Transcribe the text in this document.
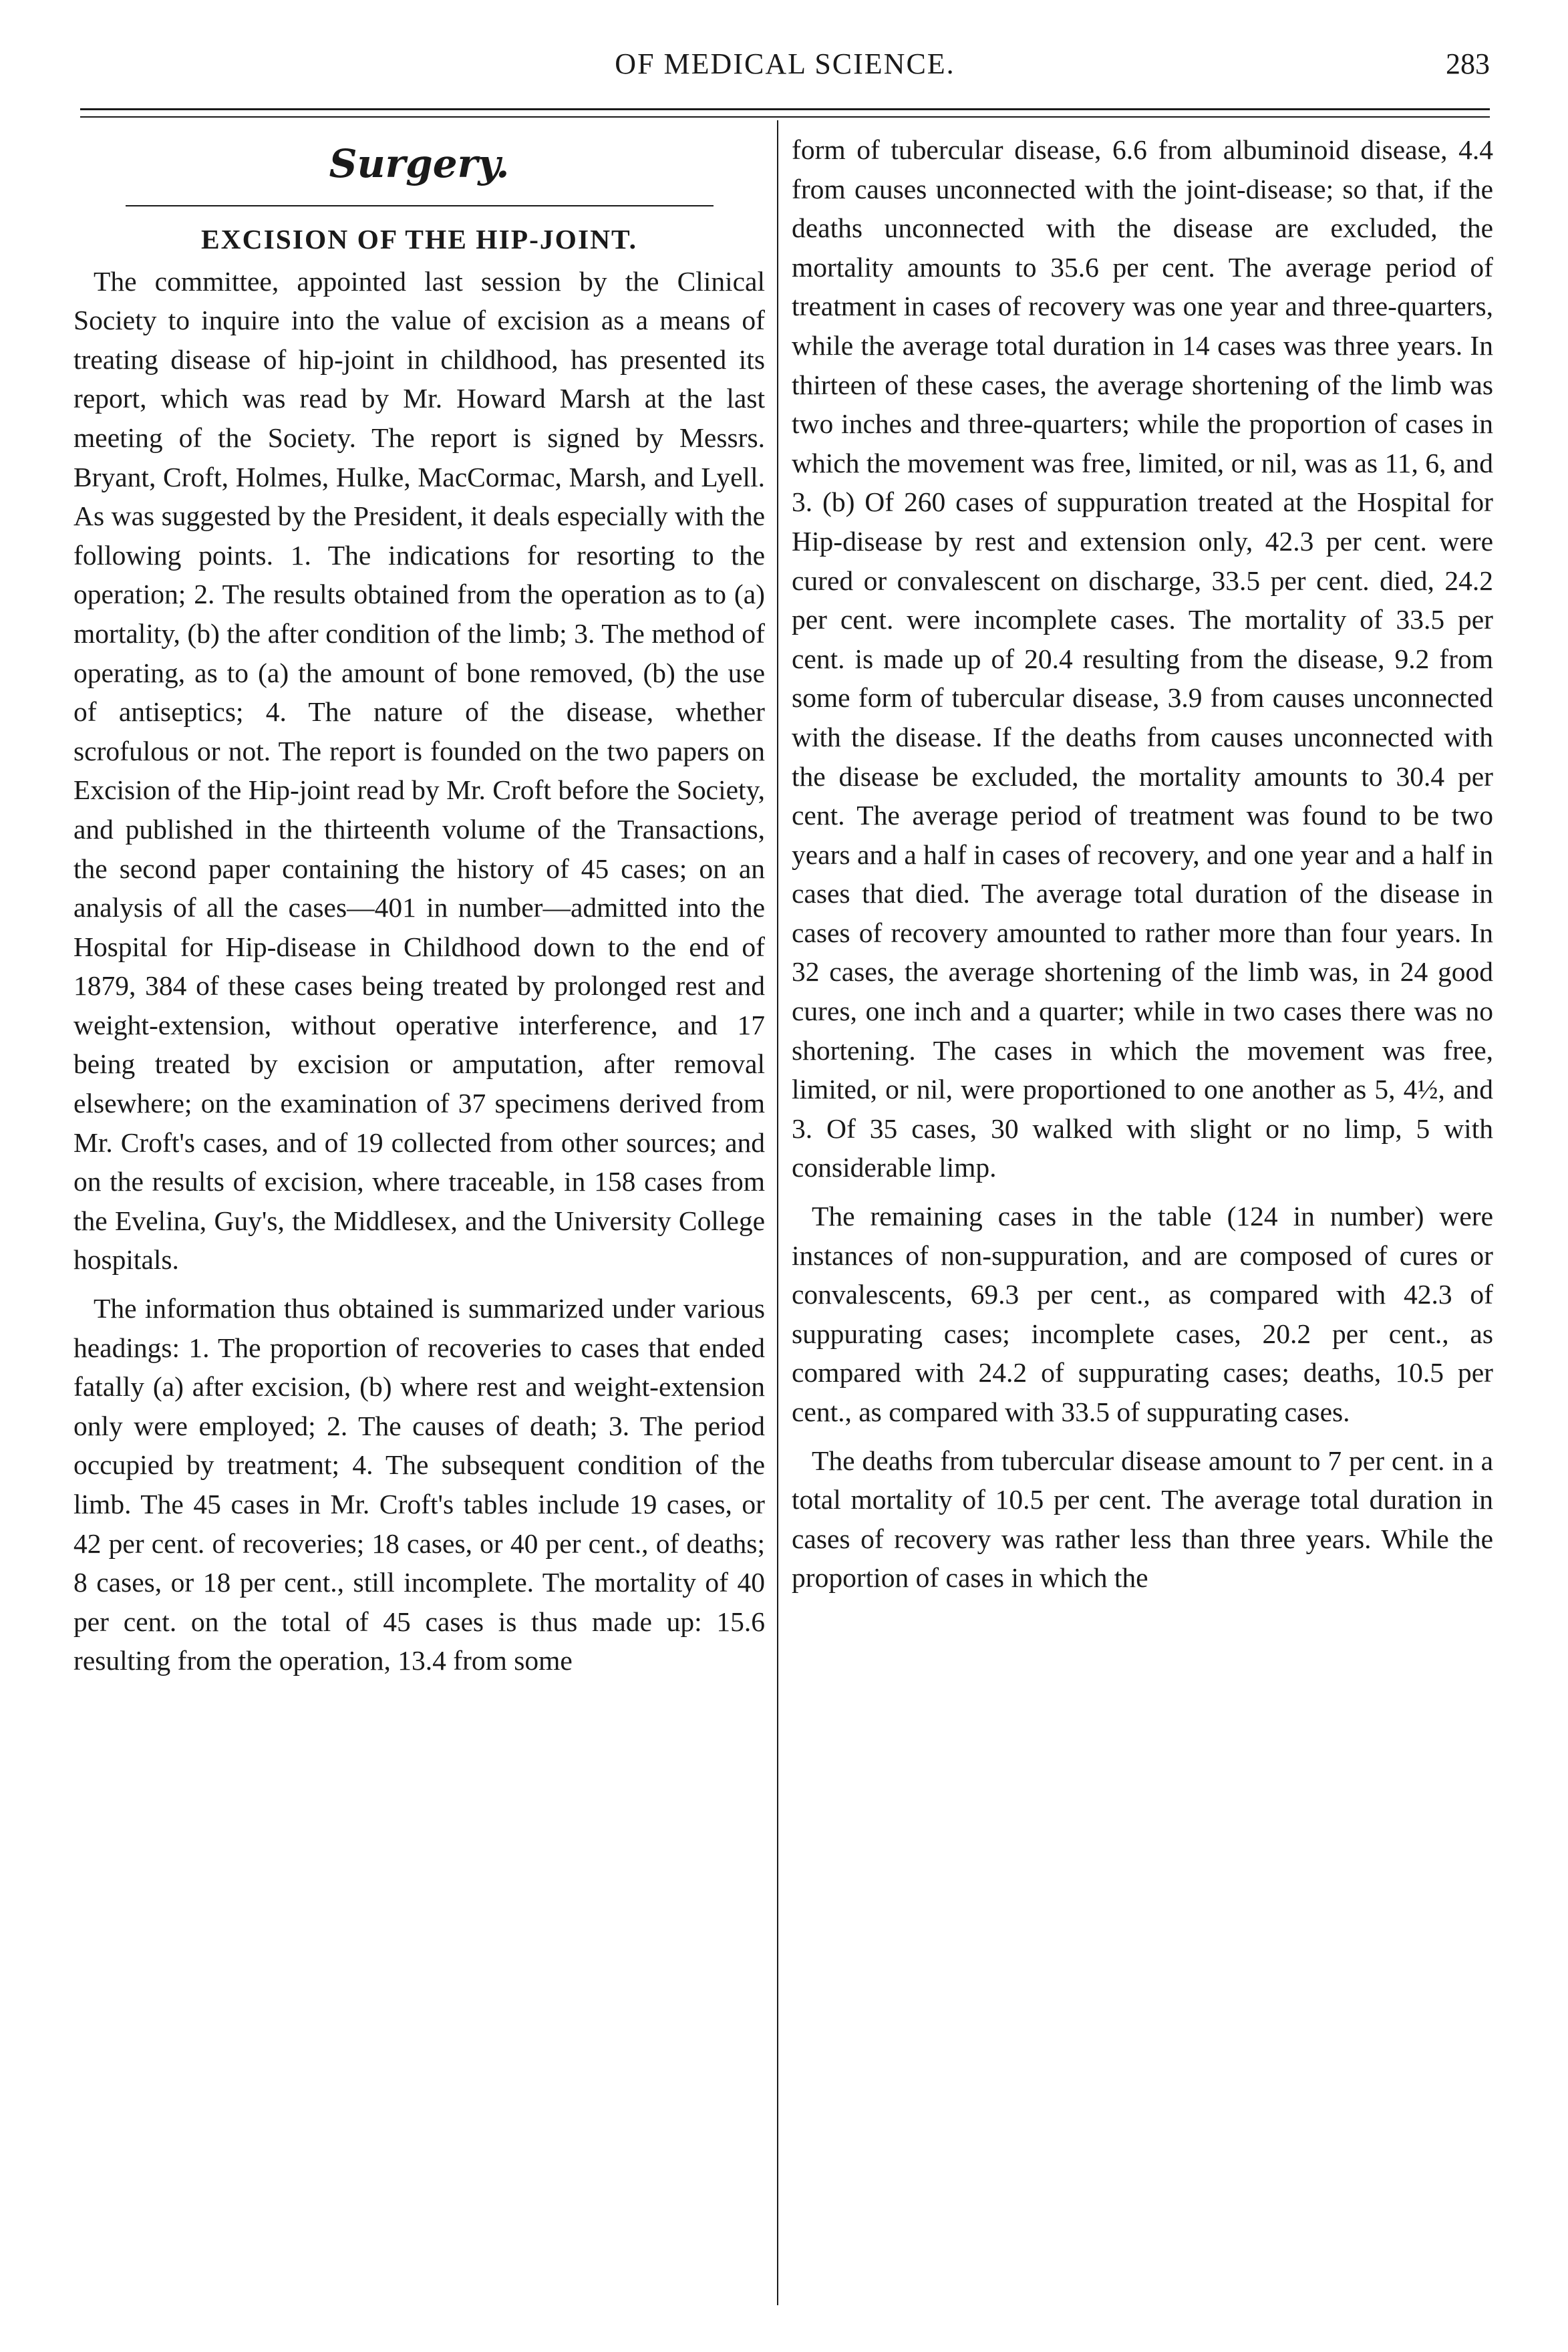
OF MEDICAL SCIENCE.	283
Surgery.
EXCISION OF THE HIP-JOINT.

The committee, appointed last session by the Clinical Society to inquire into the value of excision as a means of treating disease of hip-joint in childhood, has presented its report, which was read by Mr. Howard Marsh at the last meeting of the Society. The report is signed by Messrs. Bryant, Croft, Holmes, Hulke, MacCormac, Marsh, and Lyell. As was suggested by the President, it deals especially with the following points. 1. The indications for resorting to the operation; 2. The results obtained from the operation as to (a) mortality, (b) the after condition of the limb; 3. The method of operating, as to (a) the amount of bone removed, (b) the use of antiseptics; 4. The nature of the disease, whether scrofulous or not. The report is founded on the two papers on Excision of the Hip-joint read by Mr. Croft before the Society, and published in the thirteenth volume of the Transactions, the second paper containing the history of 45 cases; on an analysis of all the cases—401 in number—admitted into the Hospital for Hip-disease in Childhood down to the end of 1879, 384 of these cases being treated by prolonged rest and weight-extension, without operative interference, and 17 being treated by excision or amputation, after removal elsewhere; on the examination of 37 specimens derived from Mr. Croft's cases, and of 19 collected from other sources; and on the results of excision, where traceable, in 158 cases from the Evelina, Guy's, the Middlesex, and the University College hospitals.

The information thus obtained is summarized under various headings: 1. The proportion of recoveries to cases that ended fatally (a) after excision, (b) where rest and weight-extension only were employed; 2. The causes of death; 3. The period occupied by treatment; 4. The subsequent condition of the limb. The 45 cases in Mr. Croft's tables include 19 cases, or 42 per cent. of recoveries; 18 cases, or 40 per cent., of deaths; 8 cases, or 18 per cent., still incomplete. The mortality of 40 per cent. on the total of 45 cases is thus made up: 15.6 resulting from the operation, 13.4 from some

form of tubercular disease, 6.6 from albuminoid disease, 4.4 from causes unconnected with the joint-disease; so that, if the deaths unconnected with the disease are excluded, the mortality amounts to 35.6 per cent. The average period of treatment in cases of recovery was one year and three-quarters, while the average total duration in 14 cases was three years. In thirteen of these cases, the average shortening of the limb was two inches and three-quarters; while the proportion of cases in which the movement was free, limited, or nil, was as 11, 6, and 3. (b) Of 260 cases of suppuration treated at the Hospital for Hip-disease by rest and extension only, 42.3 per cent. were cured or convalescent on discharge, 33.5 per cent. died, 24.2 per cent. were incomplete cases. The mortality of 33.5 per cent. is made up of 20.4 resulting from the disease, 9.2 from some form of tubercular disease, 3.9 from causes unconnected with the disease. If the deaths from causes unconnected with the disease be excluded, the mortality amounts to 30.4 per cent. The average period of treatment was found to be two years and a half in cases of recovery, and one year and a half in cases that died. The average total duration of the disease in cases of recovery amounted to rather more than four years. In 32 cases, the average shortening of the limb was, in 24 good cures, one inch and a quarter; while in two cases there was no shortening. The cases in which the movement was free, limited, or nil, were proportioned to one another as 5, 4½, and 3. Of 35 cases, 30 walked with slight or no limp, 5 with considerable limp.

The remaining cases in the table (124 in number) were instances of non-suppuration, and are composed of cures or convalescents, 69.3 per cent., as compared with 42.3 of suppurating cases; incomplete cases, 20.2 per cent., as compared with 24.2 of suppurating cases; deaths, 10.5 per cent., as compared with 33.5 of suppurating cases.

The deaths from tubercular disease amount to 7 per cent. in a total mortality of 10.5 per cent. The average total duration in cases of recovery was rather less than three years. While the proportion of cases in which the
